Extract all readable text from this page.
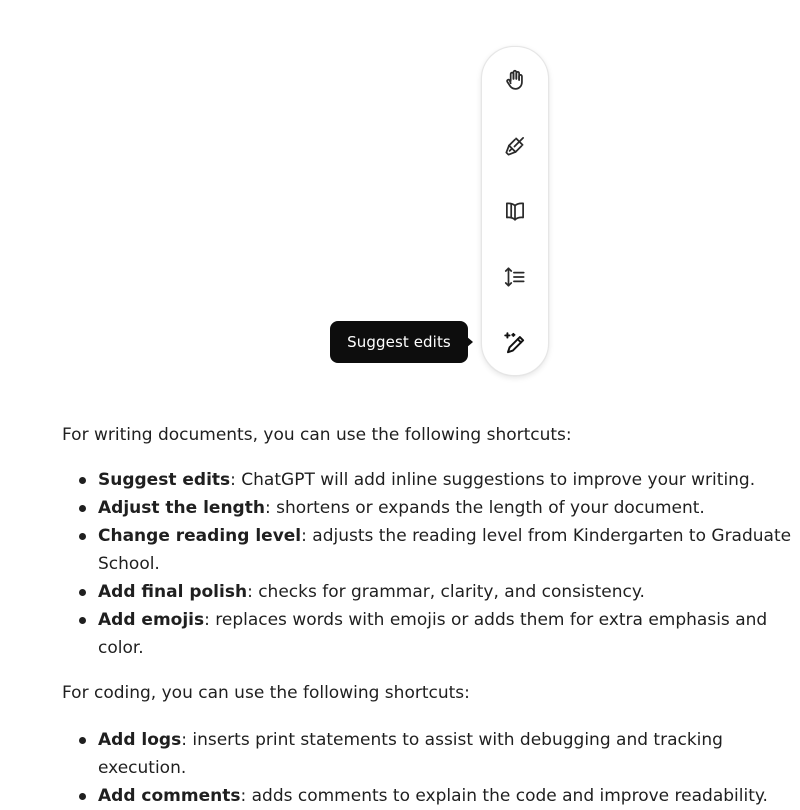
Suggest edits

For writing documents, you can use the following shortcuts:

Suggest edits: ChatGPT will add inline suggestions to improve your writing.
Adjust the length: shortens or expands the length of your document.
Change reading level: adjusts the reading level from Kindergarten to Graduate School.
Add final polish: checks for grammar, clarity, and consistency.
Add emojis: replaces words with emojis or adds them for extra emphasis and color.

For coding, you can use the following shortcuts:

Add logs: inserts print statements to assist with debugging and tracking execution.
Add comments: adds comments to explain the code and improve readability.
